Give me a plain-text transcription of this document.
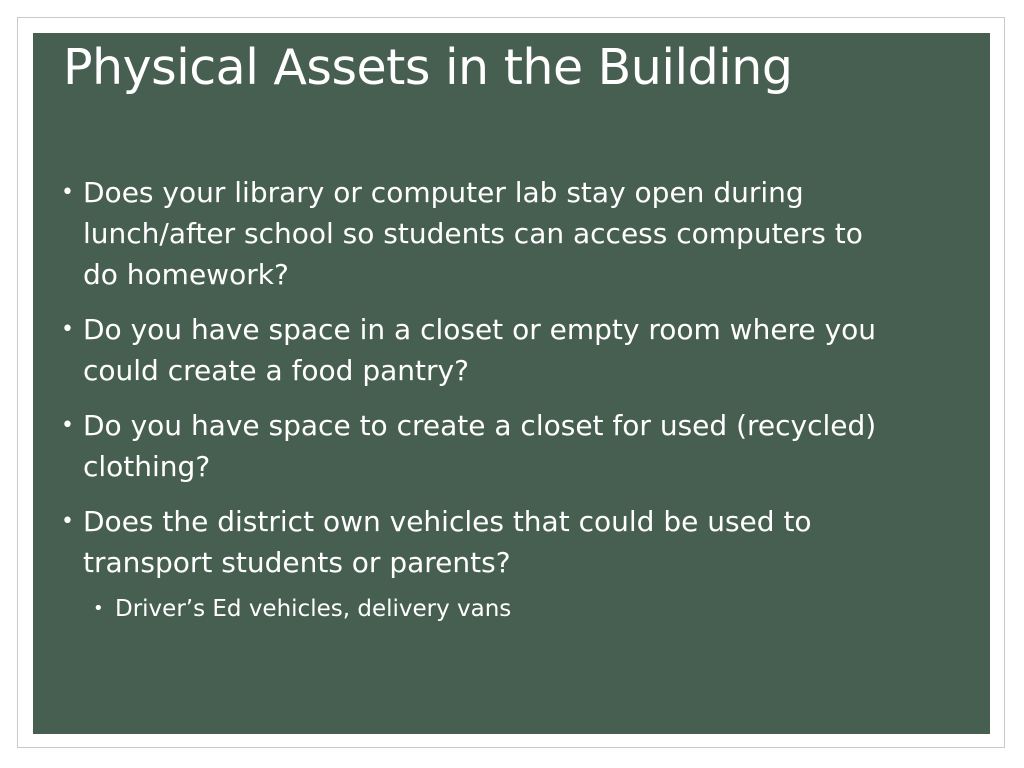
Physical Assets in the Building
• Does your library or computer lab stay open during lunch/after school so students can access computers to do homework?
• Do you have space in a closet or empty room where you could create a food pantry?
• Do you have space to create a closet for used (recycled) clothing?
• Does the district own vehicles that could be used to transport students or parents?
• Driver’s Ed vehicles, delivery vans
